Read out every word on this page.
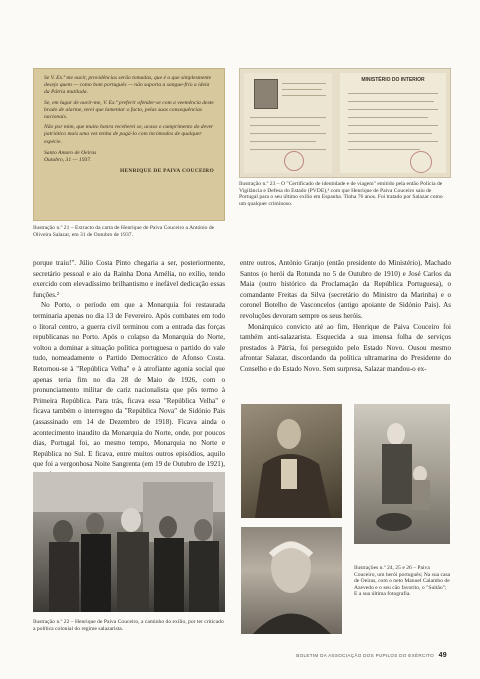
Se V. Ex.ª me ouvir, providências serão tomadas, que é o que simplesmente desejo quem — como bom português — não suporta a sangue-frio a ideia da Pátria mutilada.

Se, em lugar de ouvir-me, V. Ex.ª preferir ofender-se com a veemência deste brado de alarme, terei que lamentar o facto, pelas suas consequências nacionais.

Não por mim, que muito honra receberei se, acaso o cumprimento do dever patriótico mais uma vez tenha de pagá-lo com incómodos de qualquer espécie.

Santo Amaro de Oeiras
Outubro, 31 — 1937.
HENRIQUE DE PAIVA COUCEIRO
Ilustração n.º 21 – Extracto da carta de Henrique de Paiva Couceiro a António de Oliveira Salazar, em 31 de Outubro de 1937.
MINISTÉRIO DO INTERIOR
Ilustração n.º 23 – O "Certificado de identidade e de viagem" emitido pela então Polícia de Vigilância e Defesa do Estado (PVDE),³ com que Henrique de Paiva Couceiro saiu de Portugal para o seu último exílio em Espanha. Tinha 76 anos. Foi tratado por Salazar como um qualquer criminoso.

porque traiu!". Júlio Costa Pinto chegaria a ser, posteriormente, secretário pessoal e aio da Rainha Dona Amélia, no exílio, tendo exercido com elevadíssimo brilhantismo e inefável dedicação essas funções.²

No Porto, o período em que a Monarquia foi restaurada terminaria apenas no dia 13 de Fevereiro. Após combates em todo o litoral centro, a guerra civil terminou com a entrada das forças republicanas no Porto. Após o colapso da Monarquia do Norte, voltou a dominar a situação política portuguesa o partido do vale tudo, nomeadamente o Partido Democrático de Afonso Costa. Retornou-se à "República Velha" e à atrofiante agonia social que apenas teria fim no dia 28 de Maio de 1926, com o pronunciamento militar de cariz nacionalista que pôs termo à Primeira República. Para trás, ficava essa "República Velha" e ficava também o interregno da "República Nova" de Sidónio Pais (assassinado em 14 de Dezembro de 1918). Ficava ainda o acontecimento inaudito da Monarquia do Norte, onde, por poucos dias, Portugal foi, ao mesmo tempo, Monarquia no Norte e República no Sul. E ficava, entre muitos outros episódios, aquilo que foi a vergonhosa Noite Sangrenta (em 19 de Outubro de 1921),

entre outros, António Granjo (então presidente do Ministério), Machado Santos (o herói da Rotunda no 5 de Outubro de 1910) e José Carlos da Maia (outro histórico da Proclamação da República Portuguesa), o comandante Freitas da Silva (secretário do Ministro da Marinha) e o coronel Botelho de Vasconcelos (antigo apoiante de Sidónio Pais). As revoluções devoram sempre os seus heróis.

Monárquico convicto até ao fim, Henrique de Paiva Couceiro foi também anti-salazarista. Esquecida a sua imensa folha de serviços prestados à Pátria, foi perseguido pelo Estado Novo. Ousou mesmo afrontar Salazar, discordando da política ultramarina do Presidente do Conselho e do Estado Novo. Sem surpresa, Salazar mandou-o ex-

Ilustração n.º 22 – Henrique de Paiva Couceiro, a caminho do exílio, por ter criticado a política colonial do regime salazarista.
Ilustrações n.º 24, 25 e 26 – Paiva Couceiro, um herói português; Na sua casa de Oeiras, com o neto Manuel Calambo de Azevedo e o seu cão favorito, o "Sultão"; E a sua última fotografia.
BOLETIM DA ASSOCIAÇÃO DOS PUPILOS DO EXÉRCITO 49
